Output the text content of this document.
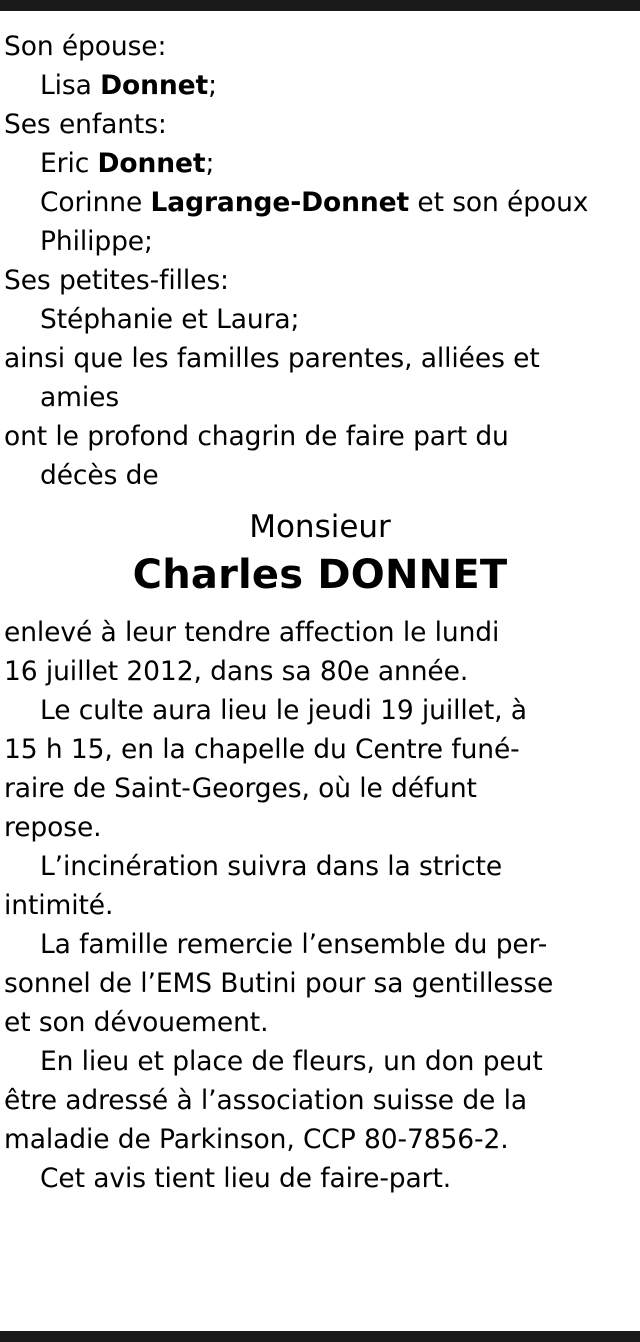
Son épouse:
Lisa Donnet;
Ses enfants:
Eric Donnet;
Corinne Lagrange-Donnet et son époux
Philippe;
Ses petites-filles:
Stéphanie et Laura;
ainsi que les familles parentes, alliées et
amies
ont le profond chagrin de faire part du
décès de
Monsieur
Charles DONNET
enlevé à leur tendre affection le lundi
16 juillet 2012, dans sa 80e année.
Le culte aura lieu le jeudi 19 juillet, à
15 h 15, en la chapelle du Centre funé-
raire de Saint-Georges, où le défunt
repose.
L’incinération suivra dans la stricte
intimité.
La famille remercie l’ensemble du per-
sonnel de l’EMS Butini pour sa gentillesse
et son dévouement.
En lieu et place de fleurs, un don peut
être adressé à l’association suisse de la
maladie de Parkinson, CCP 80-7856-2.
Cet avis tient lieu de faire-part.
